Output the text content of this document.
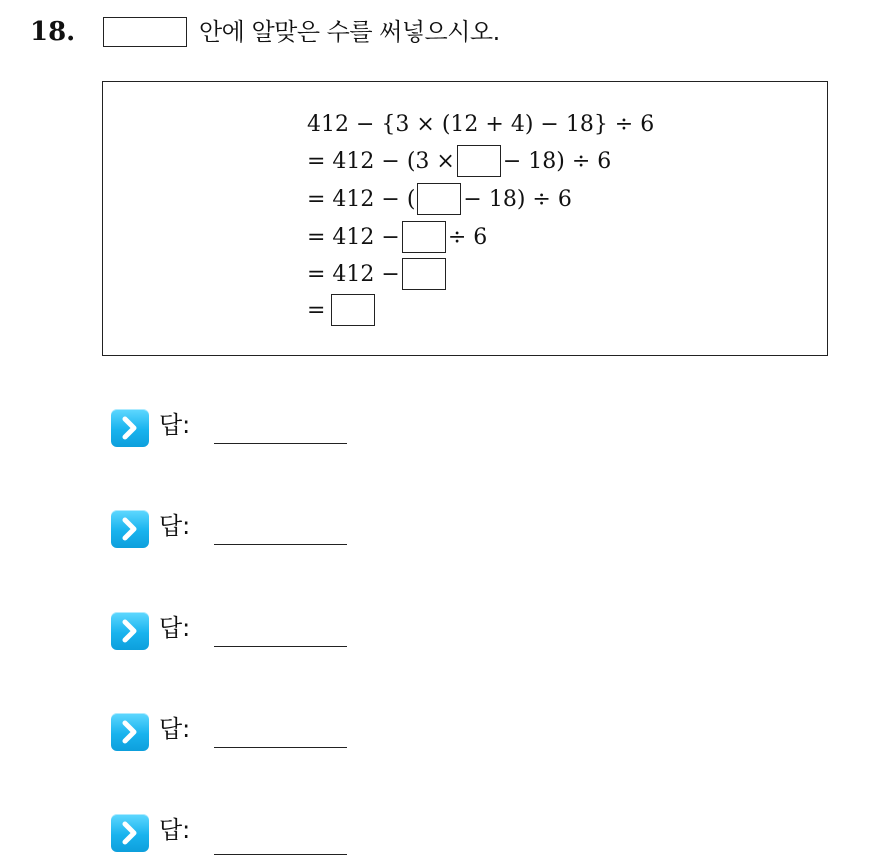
18.	안에 알맞은 수를 써넣으시오.
412 − {3 × (12 + 4) − 18} ÷ 6
= 412 − (3 × − 18) ÷ 6
= 412 − ( − 18) ÷ 6
= 412 − ÷ 6
= 412 −
=
답:
답:
답:
답:
답:
